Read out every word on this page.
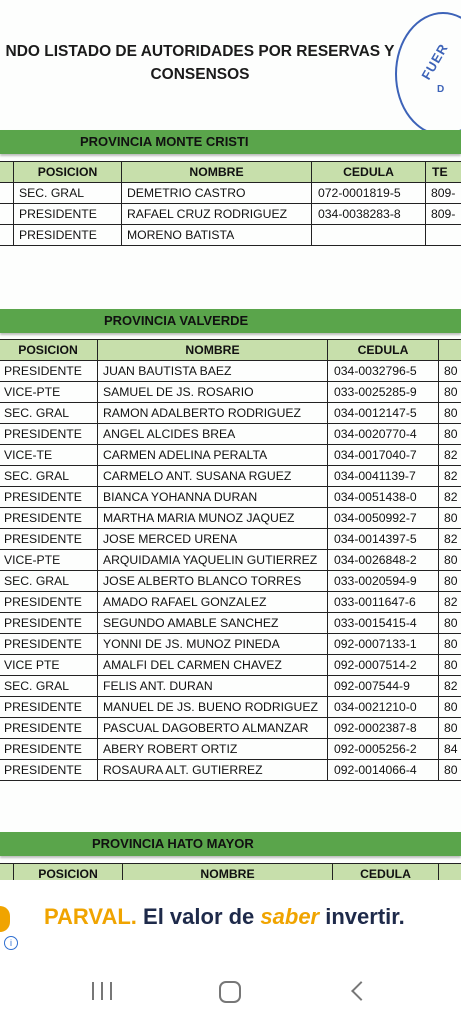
NDO LISTADO DE AUTORIDADES POR RESERVAS Y
CONSENSOS	FUER
D
PROVINCIA MONTE CRISTI
	POSICION	NOMBRE	CEDULA	TE
	SEC. GRAL	DEMETRIO CASTRO	072-0001819-5	809-
	PRESIDENTE	RAFAEL CRUZ RODRIGUEZ	034-0038283-8	809-
	PRESIDENTE	MORENO BATISTA		
PROVINCIA VALVERDE
POSICION	NOMBRE	CEDULA	
PRESIDENTE	JUAN BAUTISTA BAEZ	034-0032796-5	80
VICE-PTE	SAMUEL DE JS. ROSARIO	033-0025285-9	80
SEC. GRAL	RAMON ADALBERTO RODRIGUEZ	034-0012147-5	80
PRESIDENTE	ANGEL ALCIDES BREA	034-0020770-4	80
VICE-TE	CARMEN ADELINA PERALTA	034-0017040-7	82
SEC. GRAL	CARMELO ANT. SUSANA RGUEZ	034-0041139-7	82
PRESIDENTE	BIANCA YOHANNA DURAN	034-0051438-0	82
PRESIDENTE	MARTHA MARIA MUNOZ JAQUEZ	034-0050992-7	80
PRESIDENTE	JOSE MERCED URENA	034-0014397-5	82
VICE-PTE	ARQUIDAMIA YAQUELIN GUTIERREZ	034-0026848-2	80
SEC. GRAL	JOSE ALBERTO BLANCO TORRES	033-0020594-9	80
PRESIDENTE	AMADO RAFAEL GONZALEZ	033-0011647-6	82
PRESIDENTE	SEGUNDO AMABLE SANCHEZ	033-0015415-4	80
PRESIDENTE	YONNI DE JS. MUNOZ PINEDA	092-0007133-1	80
VICE PTE	AMALFI DEL CARMEN CHAVEZ	092-0007514-2	80
SEC. GRAL	FELIS ANT. DURAN	092-007544-9	82
PRESIDENTE	MANUEL DE JS. BUENO RODRIGUEZ	034-0021210-0	80
PRESIDENTE	PASCUAL DAGOBERTO ALMANZAR	092-0002387-8	80
PRESIDENTE	ABERY ROBERT ORTIZ	092-0005256-2	84
PRESIDENTE	ROSAURA ALT. GUTIERREZ	092-0014066-4	80
PROVINCIA HATO MAYOR
	POSICION	NOMBRE	CEDULA	
PARVAL. El valor de saber invertir.
i
